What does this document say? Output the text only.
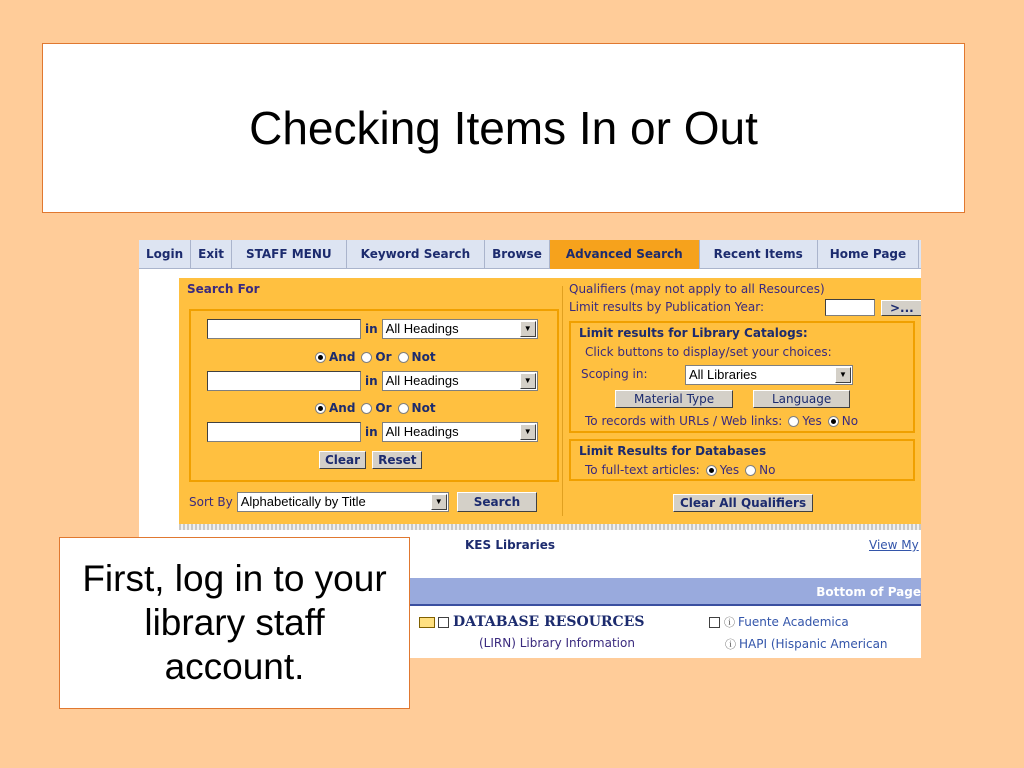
Checking Items In or Out
Login	Exit	STAFF MENU	Keyword Search	Browse	Advanced Search	Recent Items	Home Page
Search For	Qualifiers (may not apply to all Resources)
in All Headings	▼
And Or Not
in All Headings	▼
And Or Not
in All Headings	▼
Clear	Reset
Sort By Alphabetically by Title	▼	Search
Limit results by Publication Year:	>...
Limit results for Library Catalogs:
Click buttons to display/set your choices:
Scoping in:	All Libraries	▼
Material Type	Language
To records with URLs / Web links: Yes No
Limit Results for Databases
To full-text articles: Yes No
Clear All Qualifiers
KES Libraries	View My
Bottom of Page
DATABASE RESOURCES
(LIRN) Library Information
ⓘ Fuente Academica
ⓘ HAPI (Hispanic American

First, log in to your library staff account.
